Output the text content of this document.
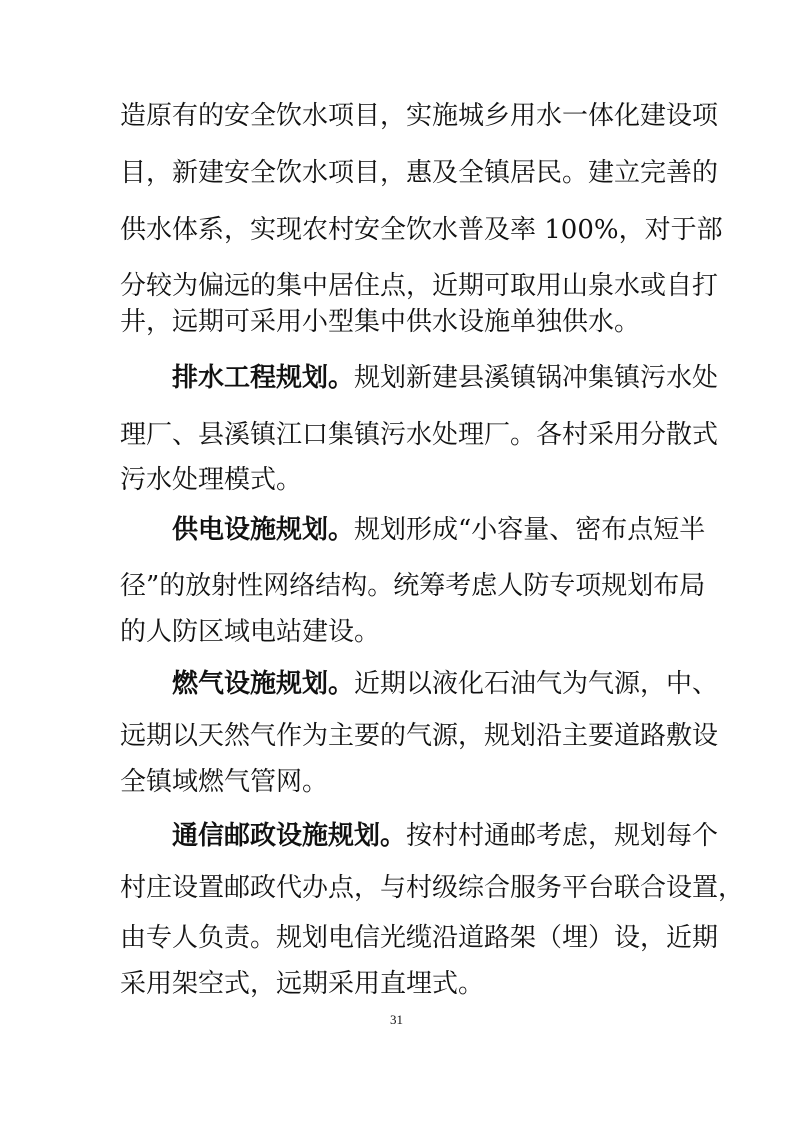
造原有的安全饮水项目，实施城乡用水一体化建设项
目，新建安全饮水项目，惠及全镇居民。建立完善的
供水体系，实现农村安全饮水普及率 100%，对于部
分较为偏远的集中居住点，近期可取用山泉水或自打
井，远期可采用小型集中供水设施单独供水。
排水工程规划。规划新建县溪镇锅冲集镇污水处
理厂、县溪镇江口集镇污水处理厂。各村采用分散式
污水处理模式。
供电设施规划。规划形成“小容量、密布点短半
径”的放射性网络结构。统筹考虑人防专项规划布局
的人防区域电站建设。
燃气设施规划。近期以液化石油气为气源，中、
远期以天然气作为主要的气源，规划沿主要道路敷设
全镇域燃气管网。
通信邮政设施规划。按村村通邮考虑，规划每个
村庄设置邮政代办点，与村级综合服务平台联合设置，
由专人负责。规划电信光缆沿道路架（埋）设，近期
采用架空式，远期采用直埋式。
31
